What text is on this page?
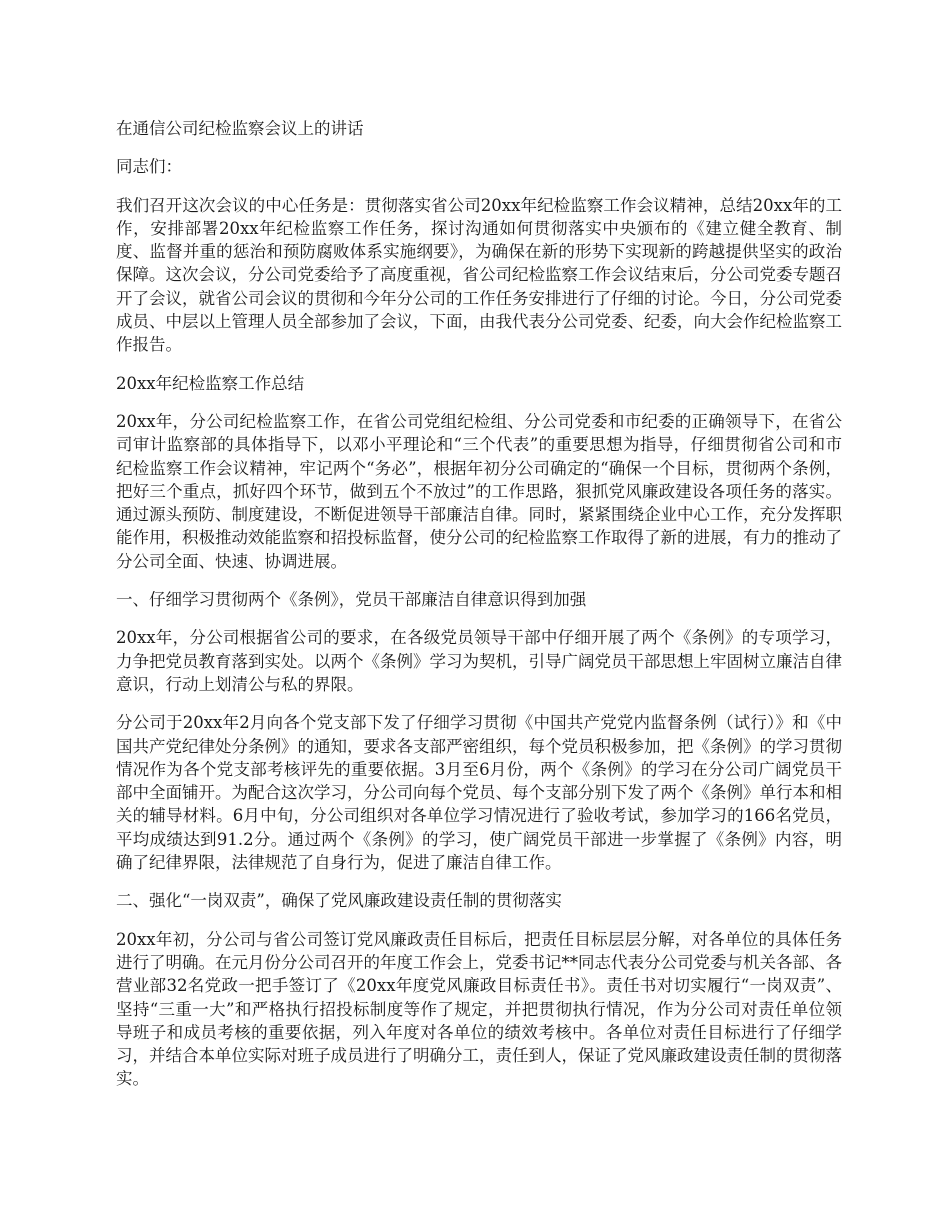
在通信公司纪检监察会议上的讲话

同志们：

我们召开这次会议的中心任务是：贯彻落实省公司20xx年纪检监察工作会议精神，总结20xx年的工作，安排部署20xx年纪检监察工作任务，探讨沟通如何贯彻落实中央颁布的《建立健全教育、制度、监督并重的惩治和预防腐败体系实施纲要》，为确保在新的形势下实现新的跨越提供坚实的政治保障。这次会议，分公司党委给予了高度重视，省公司纪检监察工作会议结束后，分公司党委专题召开了会议，就省公司会议的贯彻和今年分公司的工作任务安排进行了仔细的讨论。今日，分公司党委成员、中层以上管理人员全部参加了会议，下面，由我代表分公司党委、纪委，向大会作纪检监察工作报告。

20xx年纪检监察工作总结

20xx年，分公司纪检监察工作，在省公司党组纪检组、分公司党委和市纪委的正确领导下，在省公司审计监察部的具体指导下，以邓小平理论和“三个代表”的重要思想为指导，仔细贯彻省公司和市纪检监察工作会议精神，牢记两个“务必”，根据年初分公司确定的“确保一个目标，贯彻两个条例，把好三个重点，抓好四个环节，做到五个不放过”的工作思路，狠抓党风廉政建设各项任务的落实。通过源头预防、制度建设，不断促进领导干部廉洁自律。同时，紧紧围绕企业中心工作，充分发挥职能作用，积极推动效能监察和招投标监督，使分公司的纪检监察工作取得了新的进展，有力的推动了分公司全面、快速、协调进展。

一、仔细学习贯彻两个《条例》，党员干部廉洁自律意识得到加强

20xx年，分公司根据省公司的要求，在各级党员领导干部中仔细开展了两个《条例》的专项学习，力争把党员教育落到实处。以两个《条例》学习为契机，引导广阔党员干部思想上牢固树立廉洁自律意识，行动上划清公与私的界限。

分公司于20xx年2月向各个党支部下发了仔细学习贯彻《中国共产党党内监督条例（试行）》和《中国共产党纪律处分条例》的通知，要求各支部严密组织，每个党员积极参加，把《条例》的学习贯彻情况作为各个党支部考核评先的重要依据。3月至6月份，两个《条例》的学习在分公司广阔党员干部中全面铺开。为配合这次学习，分公司向每个党员、每个支部分别下发了两个《条例》单行本和相关的辅导材料。6月中旬，分公司组织对各单位学习情况进行了验收考试，参加学习的166名党员，平均成绩达到91.2分。通过两个《条例》的学习，使广阔党员干部进一步掌握了《条例》内容，明确了纪律界限，法律规范了自身行为，促进了廉洁自律工作。

二、强化“一岗双责”，确保了党风廉政建设责任制的贯彻落实

20xx年初，分公司与省公司签订党风廉政责任目标后，把责任目标层层分解，对各单位的具体任务进行了明确。在元月份分公司召开的年度工作会上，党委书记**同志代表分公司党委与机关各部、各营业部32名党政一把手签订了《20xx年度党风廉政目标责任书》。责任书对切实履行“一岗双责”、坚持“三重一大”和严格执行招投标制度等作了规定，并把贯彻执行情况，作为分公司对责任单位领导班子和成员考核的重要依据，列入年度对各单位的绩效考核中。各单位对责任目标进行了仔细学习，并结合本单位实际对班子成员进行了明确分工，责任到人，保证了党风廉政建设责任制的贯彻落实。
